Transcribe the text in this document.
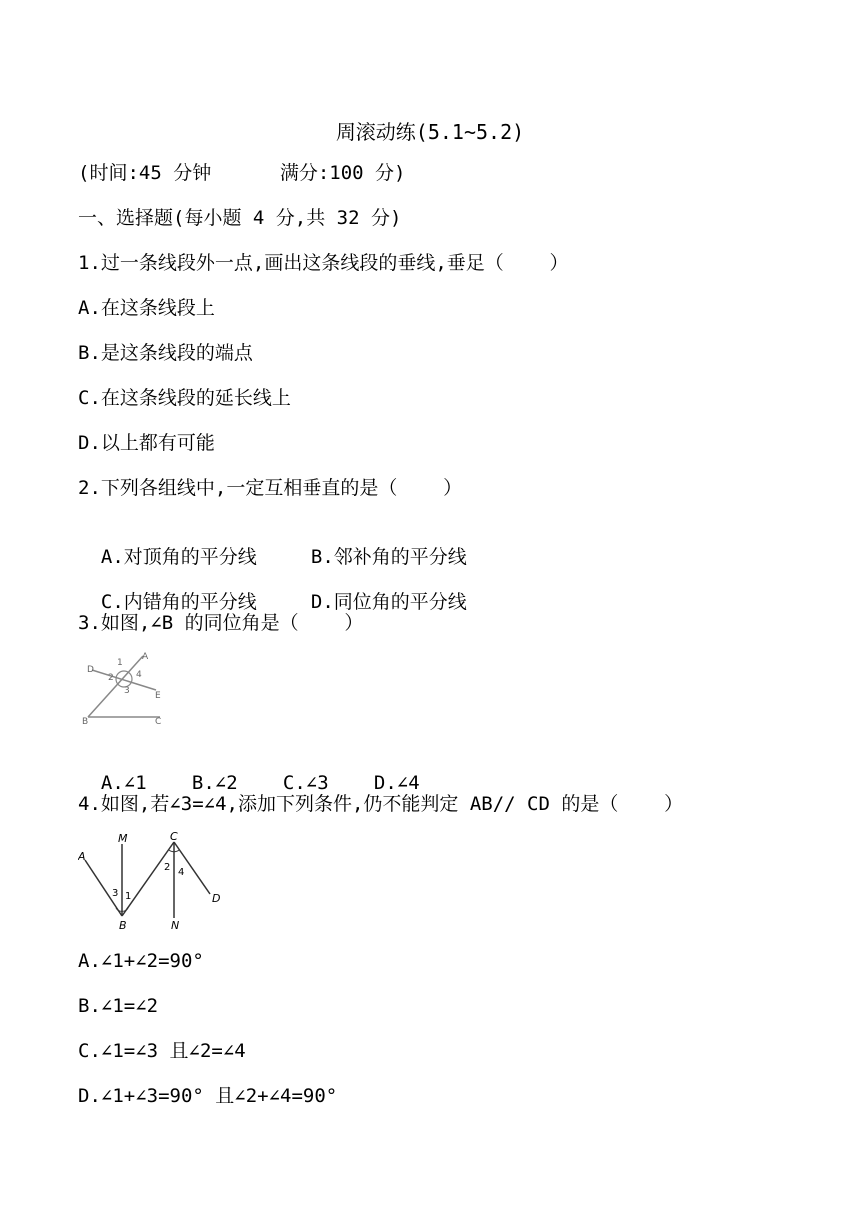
周滚动练(5.1~5.2)
(时间:45 分钟      满分:100 分)
一、选择题(每小题 4 分,共 32 分)
1.过一条线段外一点,画出这条线段的垂线,垂足（    ）
A.在这条线段上
B.是这条线段的端点
C.在这条线段的延长线上
D.以上都有可能
2.下列各组线中,一定互相垂直的是（    ）

A.对顶角的平分线	B.邻补角的平分线

C.内错角的平分线	D.同位角的平分线

3.如图,∠B 的同位角是（    ）
B	C
D
A
E
1
2
3
4

A.∠1 B.∠2 C.∠3 D.∠4

4.如图,若∠3=∠4,添加下列条件,仍不能判定 AB// CD 的是（    ）
A
M	C
D
B	N
3 1
2 4
A.∠1+∠2=90°
B.∠1=∠2
C.∠1=∠3 且∠2=∠4
D.∠1+∠3=90° 且∠2+∠4=90°
